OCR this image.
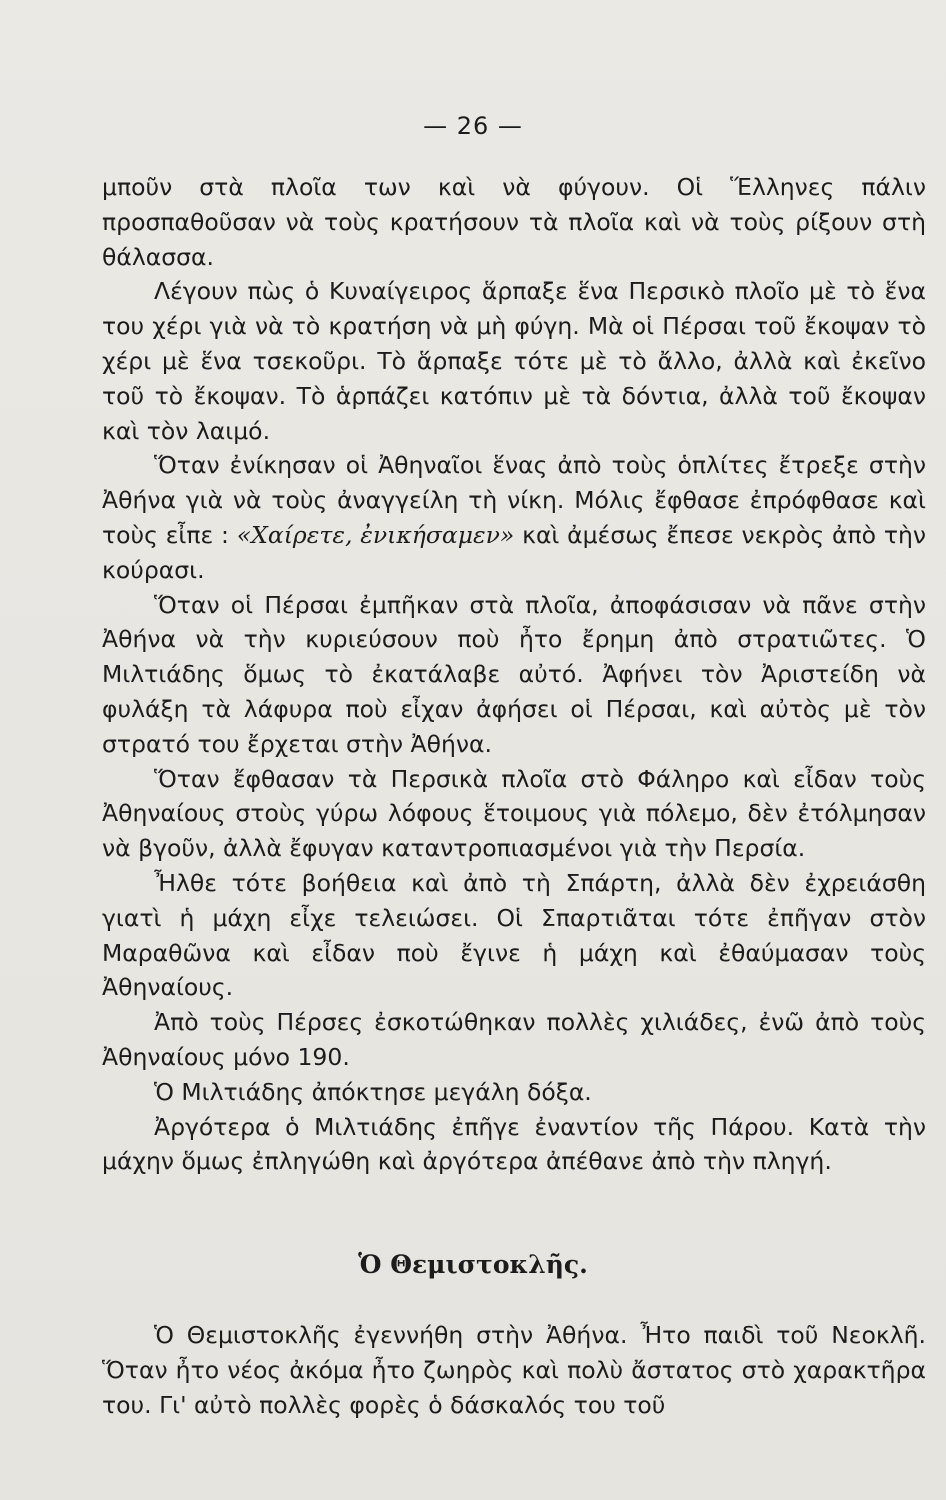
— 26 —

μποῦν στὰ πλοῖα των καὶ νὰ φύγουν. Οἱ Ἕλληνες πάλιν προσπαθοῦσαν νὰ τοὺς κρατήσουν τὰ πλοῖα καὶ νὰ τοὺς ρίξουν στὴ θάλασσα.

Λέγουν πὼς ὁ Κυναίγειρος ἅρπαξε ἕνα Περσικὸ πλοῖο μὲ τὸ ἕνα του χέρι γιὰ νὰ τὸ κρατήση νὰ μὴ φύγη. Μὰ οἱ Πέρσαι τοῦ ἔκοψαν τὸ χέρι μὲ ἕνα τσεκοῦρι. Τὸ ἅρπαξε τότε μὲ τὸ ἄλλο, ἀλλὰ καὶ ἐκεῖνο τοῦ τὸ ἔκοψαν. Τὸ ἁρπάζει κατόπιν μὲ τὰ δόντια, ἀλλὰ τοῦ ἔκοψαν καὶ τὸν λαιμό.

Ὅταν ἐνίκησαν οἱ Ἀθηναῖοι ἕνας ἀπὸ τοὺς ὁπλίτες ἔτρεξε στὴν Ἀθήνα γιὰ νὰ τοὺς ἀναγγείλη τὴ νίκη. Μόλις ἔφθασε ἐπρόφθασε καὶ τοὺς εἶπε : «Χαίρετε, ἐνικήσαμεν» καὶ ἀμέσως ἔπεσε νεκρὸς ἀπὸ τὴν κούρασι.

Ὅταν οἱ Πέρσαι ἐμπῆκαν στὰ πλοῖα, ἀποφάσισαν νὰ πᾶνε στὴν Ἀθήνα νὰ τὴν κυριεύσουν ποὺ ἦτο ἔρημη ἀπὸ στρατιῶτες. Ὁ Μιλτιάδης ὅμως τὸ ἐκατάλαβε αὐτό. Ἀφήνει τὸν Ἀριστείδη νὰ φυλάξη τὰ λάφυρα ποὺ εἶχαν ἀφήσει οἱ Πέρσαι, καὶ αὐτὸς μὲ τὸν στρατό του ἔρχεται στὴν Ἀθήνα.

Ὅταν ἔφθασαν τὰ Περσικὰ πλοῖα στὸ Φάληρο καὶ εἶδαν τοὺς Ἀθηναίους στοὺς γύρω λόφους ἕτοιμους γιὰ πόλεμο, δὲν ἐτόλμησαν νὰ βγοῦν, ἀλλὰ ἔφυγαν καταντροπιασμένοι γιὰ τὴν Περσία.

Ἦλθε τότε βοήθεια καὶ ἀπὸ τὴ Σπάρτη, ἀλλὰ δὲν ἐχρειάσθη γιατὶ ἡ μάχη εἶχε τελειώσει. Οἱ Σπαρτιᾶται τότε ἐπῆγαν στὸν Μαραθῶνα καὶ εἶδαν ποὺ ἔγινε ἡ μάχη καὶ ἐθαύμασαν τοὺς Ἀθηναίους.

Ἀπὸ τοὺς Πέρσες ἐσκοτώθηκαν πολλὲς χιλιάδες, ἐνῶ ἀπὸ τοὺς Ἀθηναίους μόνο 190.

Ὁ Μιλτιάδης ἀπόκτησε μεγάλη δόξα.

Ἀργότερα ὁ Μιλτιάδης ἐπῆγε ἐναντίον τῆς Πάρου. Κατὰ τὴν μάχην ὅμως ἐπληγώθη καὶ ἀργότερα ἀπέθανε ἀπὸ τὴν πληγή.

Ὁ Θεμιστοκλῆς.

Ὁ Θεμιστοκλῆς ἐγεννήθη στὴν Ἀθήνα. Ἦτο παιδὶ τοῦ Νεοκλῆ. Ὅταν ἦτο νέος ἀκόμα ἦτο ζωηρὸς καὶ πολὺ ἄστατος στὸ χαρακτῆρα του. Γι' αὐτὸ πολλὲς φορὲς ὁ δάσκαλός του τοῦ
